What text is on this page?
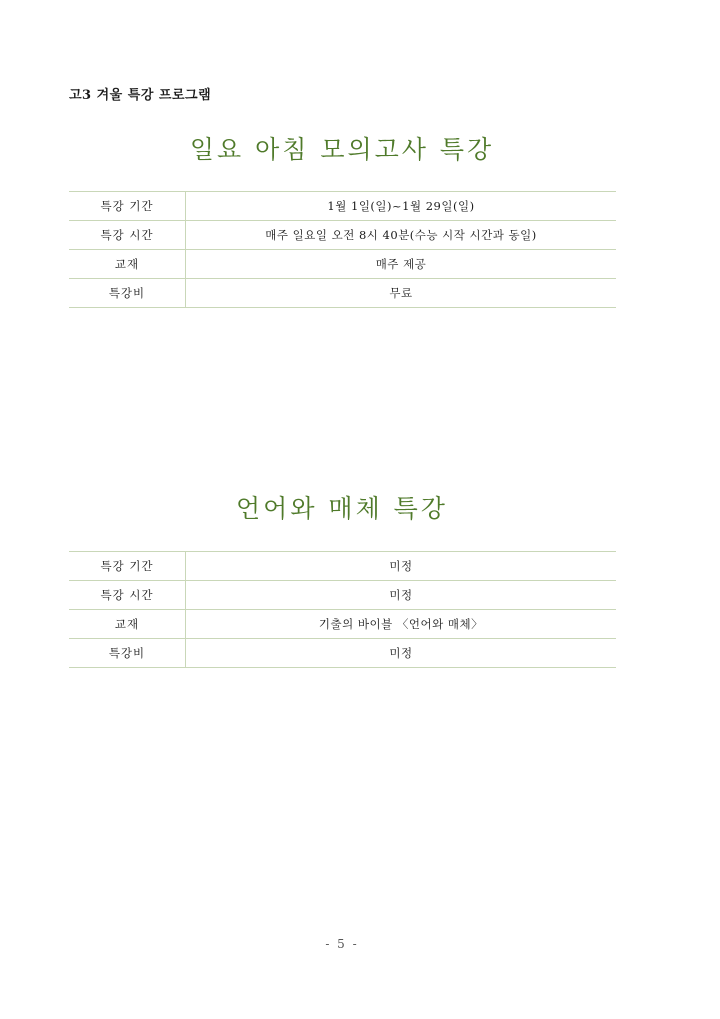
고3 겨울 특강 프로그램
일요 아침 모의고사 특강
특강 기간	1월 1일(일)~1월 29일(일)
특강 시간	매주 일요일 오전 8시 40분(수능 시작 시간과 동일)
교재	매주 제공
특강비	무료
언어와 매체 특강
특강 기간	미정
특강 시간	미정
교재	기출의 바이블 〈언어와 매체〉
특강비	미정
- 5 -
